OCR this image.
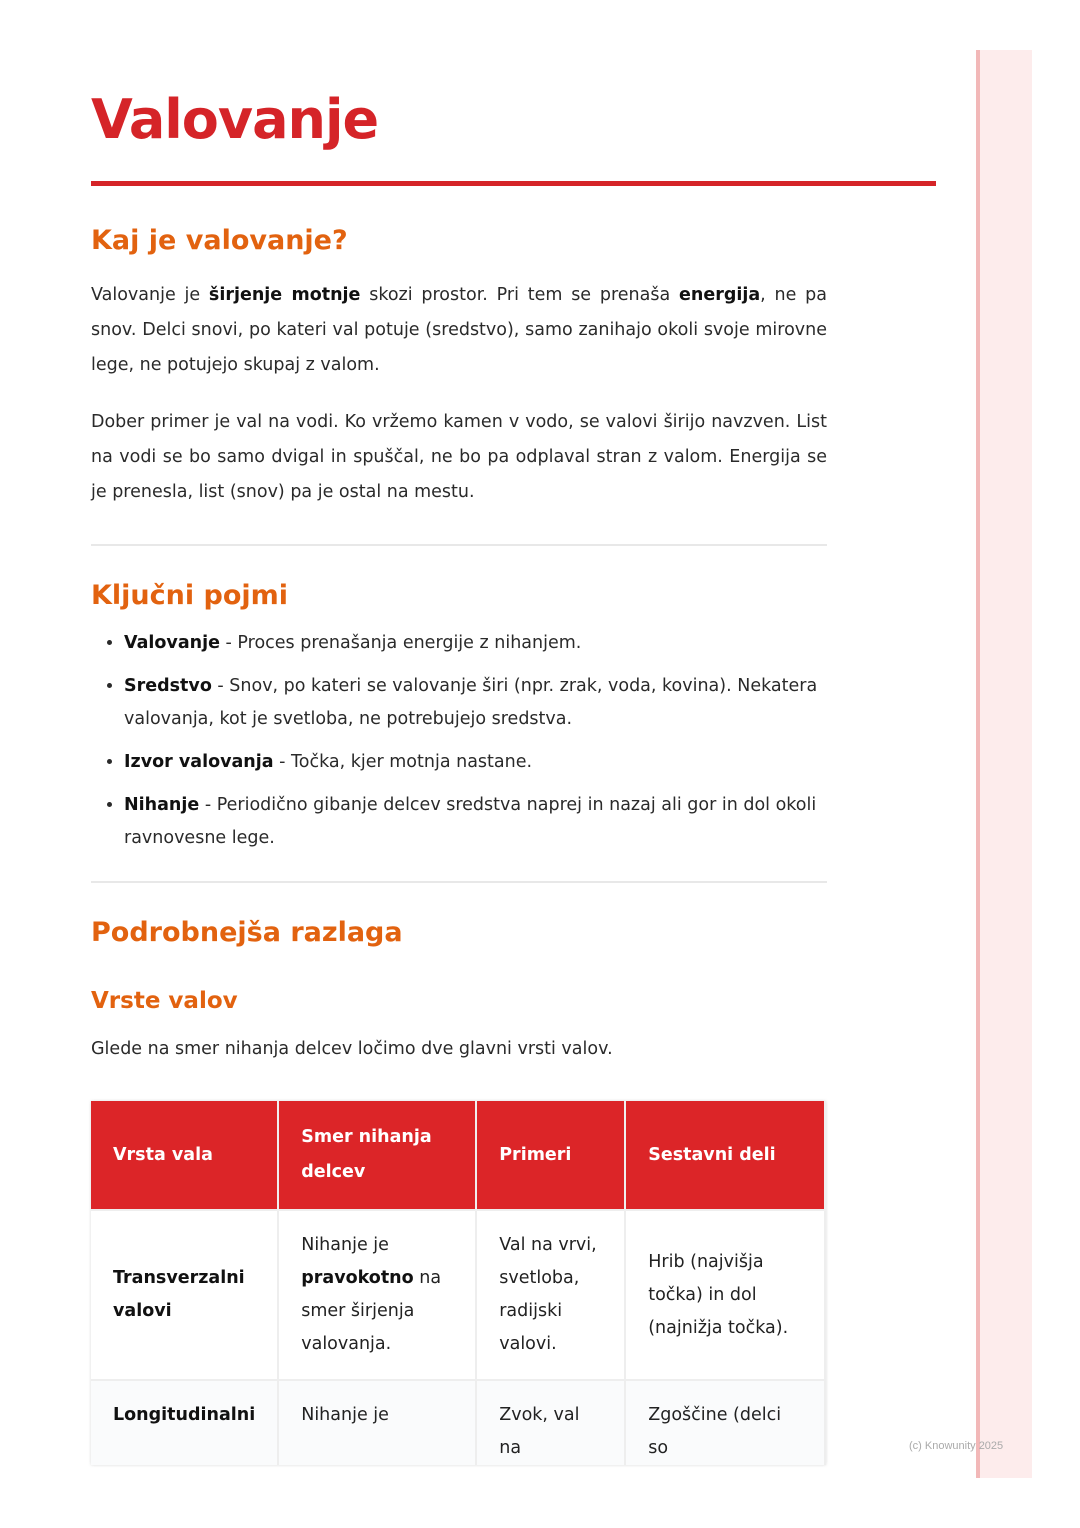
Valovanje
Kaj je valovanje?

Valovanje je širjenje motnje skozi prostor. Pri tem se prenaša energija, ne pa snov. Delci snovi, po kateri val potuje (sredstvo), samo zanihajo okoli svoje mirovne lege, ne potujejo skupaj z valom.

Dober primer je val na vodi. Ko vržemo kamen v vodo, se valovi širijo navzven. List na vodi se bo samo dvigal in spuščal, ne bo pa odplaval stran z valom. Energija se je prenesla, list (snov) pa je ostal na mestu.

Ključni pojmi
• Valovanje - Proces prenašanja energije z nihanjem.
• Sredstvo - Snov, po kateri se valovanje širi (npr. zrak, voda, kovina). Nekatera valovanja, kot je svetloba, ne potrebujejo sredstva.
• Izvor valovanja - Točka, kjer motnja nastane.
• Nihanje - Periodično gibanje delcev sredstva naprej in nazaj ali gor in dol okoli ravnovesne lege.
Podrobnejša razlaga
Vrste valov

Glede na smer nihanja delcev ločimo dve glavni vrsti valov.

Vrsta vala	Smer nihanja delcev	Primeri	Sestavni deli
Transverzalni valovi	Nihanje je pravokotno na smer širjenja valovanja.	Val na vrvi, svetloba, radijski valovi.	Hrib (najvišja točka) in dol (najnižja točka).
Longitudinalni	Nihanje je	Zvok, val na	Zgoščine (delci so	(c) Knowunity 2025
